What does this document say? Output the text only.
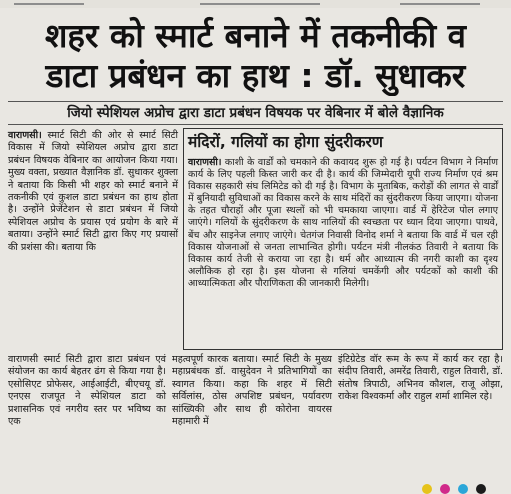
शहर को स्मार्ट बनाने में तकनीकी व
डाटा प्रबंधन का हाथ : डॉ. सुधाकर
जियो स्पेशियल अप्रोच द्वारा डाटा प्रबंधन विषयक पर वेबिनार में बोले वैज्ञानिक

वाराणसी। स्मार्ट सिटी की ओर से स्मार्ट सिटी विकास में जियो स्पेशियल अप्रोच द्वारा डाटा प्रबंधन विषयक वेबिनार का आयोजन किया गया। मुख्य वक्ता, प्रख्यात वैज्ञानिक डॉ. सुधाकर शुक्ला ने बताया कि किसी भी शहर को स्मार्ट बनाने में तकनीकी एवं कुशल डाटा प्रबंधन का हाथ होता है। उन्होंने प्रेजेंटेशन से डाटा प्रबंधन में जियो स्पेशियल अप्रोच के प्रयास एवं प्रयोग के बारे में बताया। उन्होंने स्मार्ट सिटी द्वारा किए गए प्रयासों की प्रशंसा की। बताया कि

मंदिरों, गलियों का होगा सुंदरीकरण
वाराणसी। काशी के वार्डों को चमकाने की कवायद शुरू हो गई है। पर्यटन विभाग ने निर्माण कार्य के लिए पहली किस्त जारी कर दी है। कार्य की जिम्मेदारी यूपी राज्य निर्माण एवं श्रम विकास सहकारी संघ लिमिटेड को दी गई है। विभाग के मुताबिक, करोड़ों की लागत से वार्डों में बुनियादी सुविधाओं का विकास करने के साथ मंदिरों का सुंदरीकरण किया जाएगा। योजना के तहत चौराहों और पूजा स्थलों को भी चमकाया जाएगा। वार्ड में हेरिटेज पोल लगाए जाएंगे। गलियों के सुंदरीकरण के साथ नालियों की स्वच्छता पर ध्यान दिया जाएगा। पाथवे, बेंच और साइनेज लगाए जाएंगे। चेतगंज निवासी विनोद शर्मा ने बताया कि वार्ड में चल रही विकास योजनाओं से जनता लाभान्वित होगी। पर्यटन मंत्री नीलकंठ तिवारी ने बताया कि विकास कार्य तेजी से कराया जा रहा है। धर्म और आध्यात्म की नगरी काशी का दृश्य अलौकिक हो रहा है। इस योजना से गलियां चमकेंगी और पर्यटकों को काशी की आध्यात्मिकता और पौराणिकता की जानकारी मिलेगी।
वाराणसी स्मार्ट सिटी द्वारा डाटा प्रबंधन एवं संयोजन का कार्य बेहतर ढंग से किया गया है। एसोसिएट प्रोफेसर, आईआईटी, बीएचयू डॉ. एनएस राजपूत ने स्पेशियल डाटा को प्रशासनिक एवं नगरीय स्तर पर भविष्य का एक
महत्वपूर्ण कारक बताया। स्मार्ट सिटी के मुख्य महाप्रबंधक डॉ. वासुदेवन ने प्रतिभागियों का स्वागत किया। कहा कि शहर में सिटी सर्विलांस, ठोस अपशिष्ट प्रबंधन, पर्यावरण सांख्यिकी और साथ ही कोरोना वायरस महामारी में
इंटिग्रेटेड वॉर रूम के रूप में कार्य कर रहा है। संदीप तिवारी, अमरेंद्र तिवारी, राहुल तिवारी, डॉ. संतोष त्रिपाठी, अभिनव कौशल, राजू ओझा, राकेश विश्वकर्मा और राहुल शर्मा शामिल रहे।
